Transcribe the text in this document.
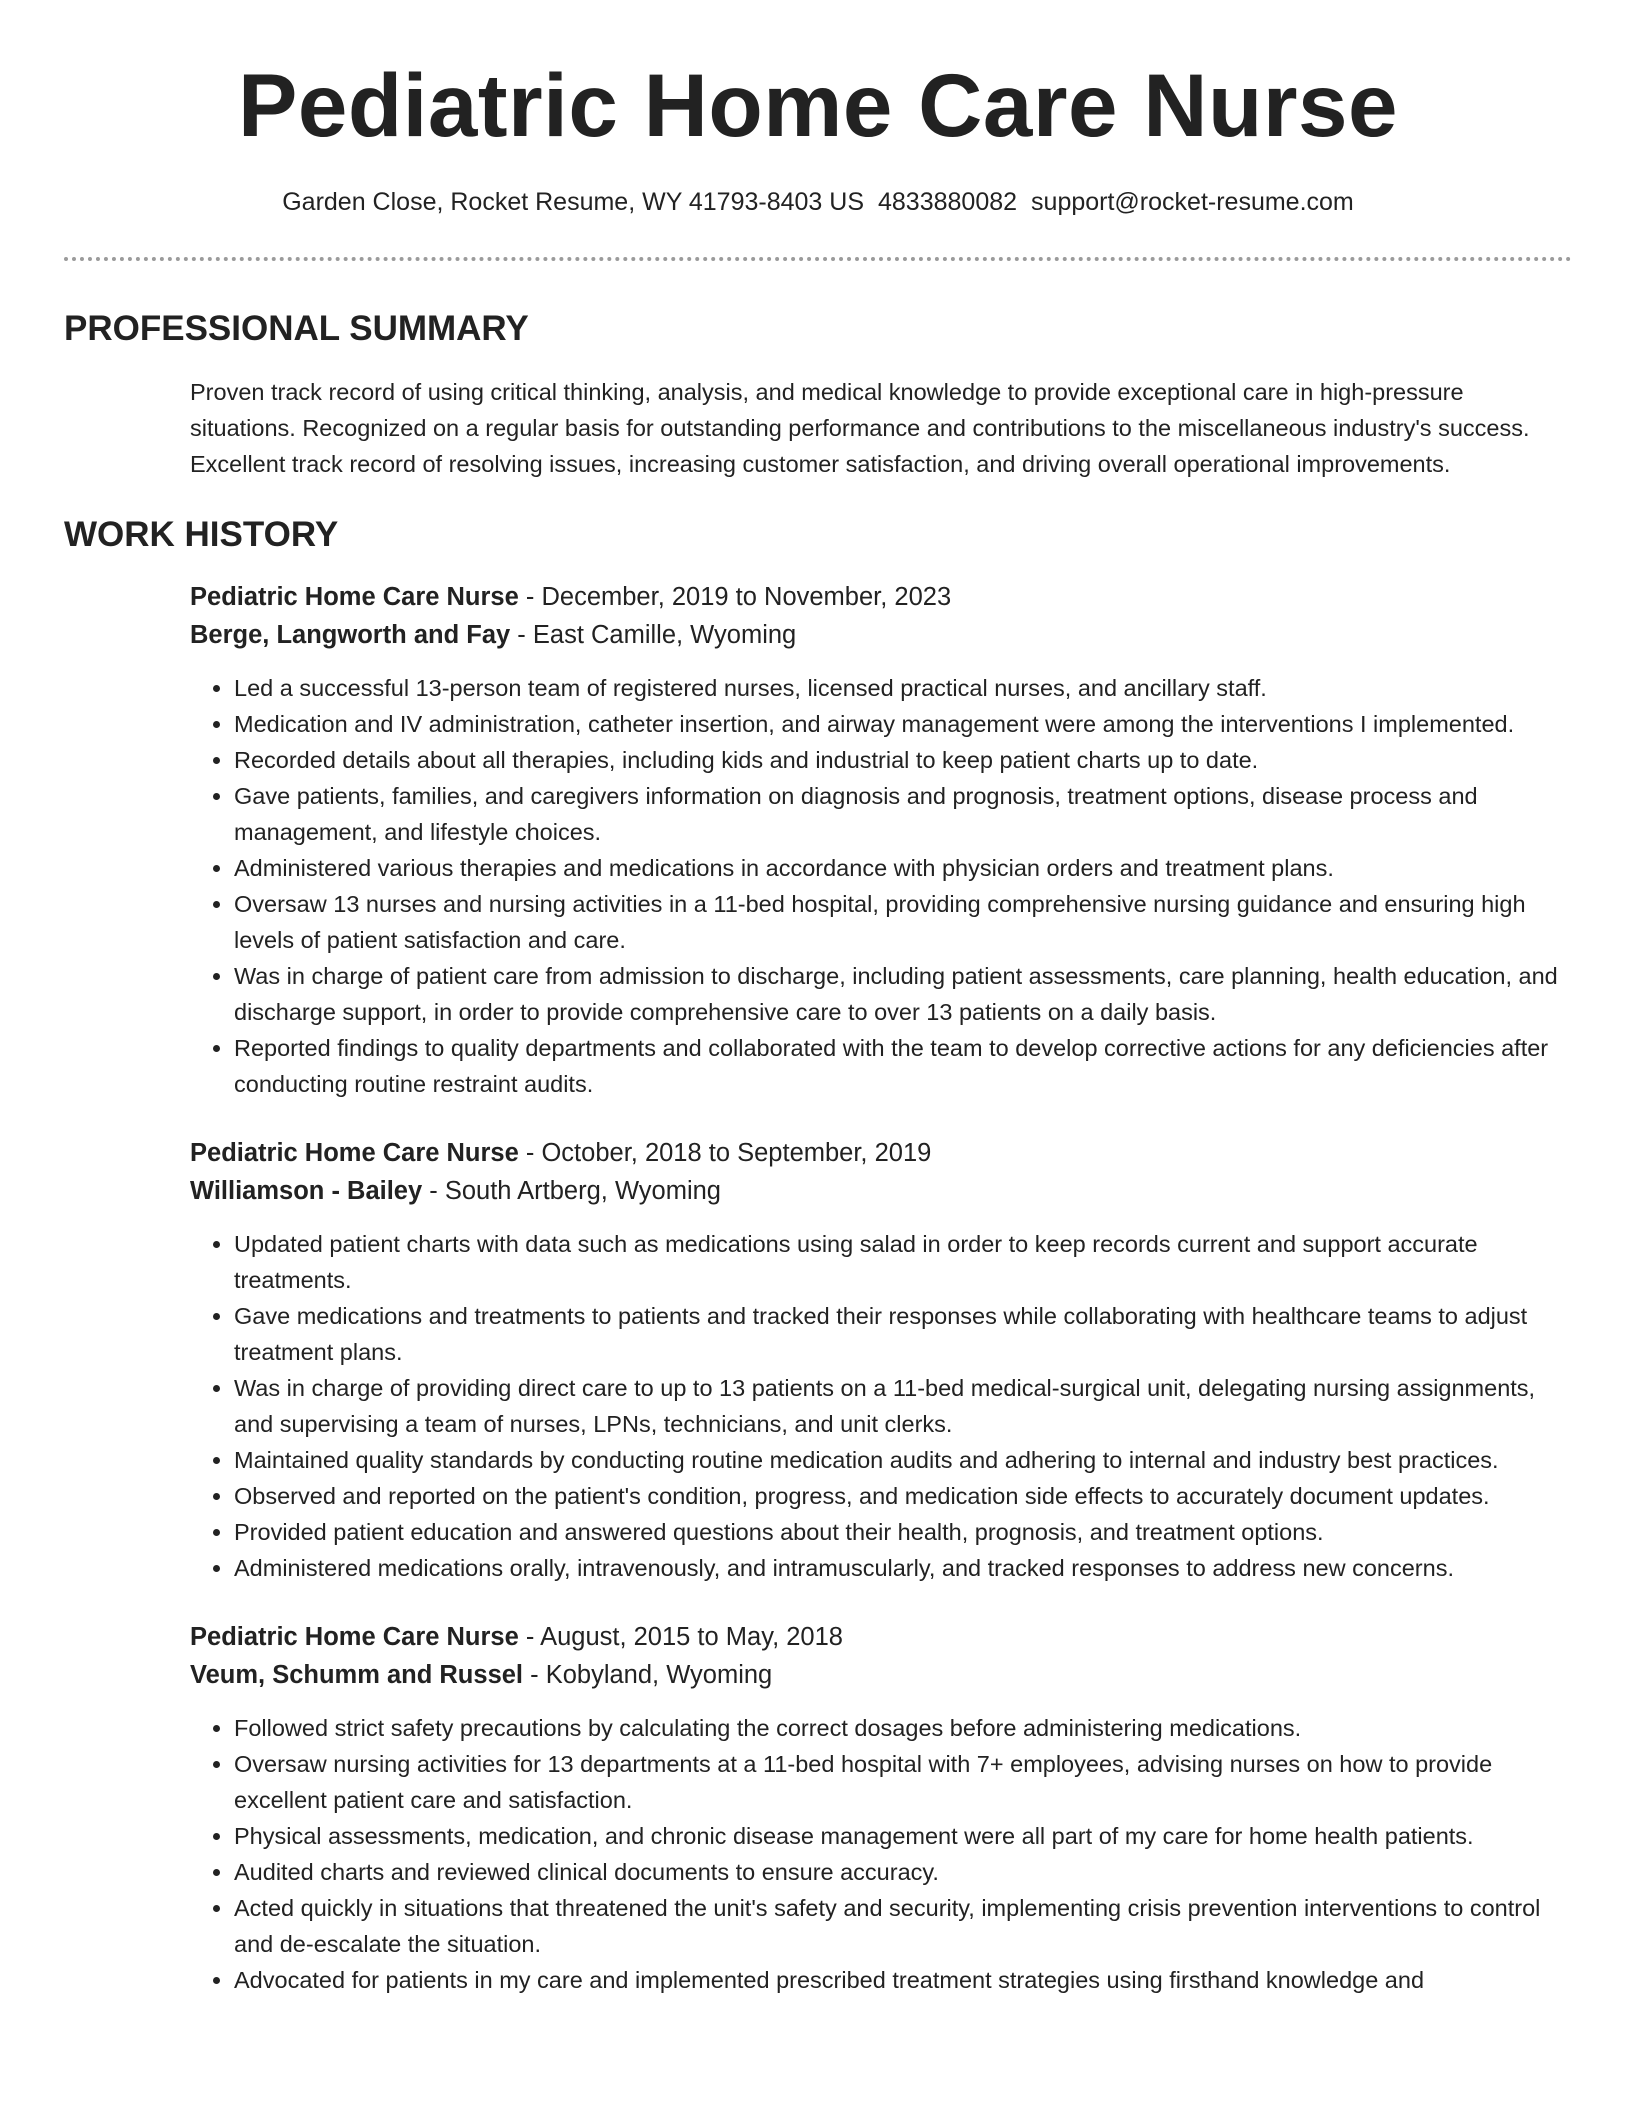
Pediatric Home Care Nurse
Garden Close, Rocket Resume, WY 41793-8403 US 4833880082 support@rocket-resume.com
PROFESSIONAL SUMMARY
Proven track record of using critical thinking, analysis, and medical knowledge to provide exceptional care in high-pressure situations. Recognized on a regular basis for outstanding performance and contributions to the miscellaneous industry's success. Excellent track record of resolving issues, increasing customer satisfaction, and driving overall operational improvements.
WORK HISTORY
Pediatric Home Care Nurse - December, 2019 to November, 2023
Berge, Langworth and Fay - East Camille, Wyoming
• Led a successful 13-person team of registered nurses, licensed practical nurses, and ancillary staff.
• Medication and IV administration, catheter insertion, and airway management were among the interventions I implemented.
• Recorded details about all therapies, including kids and industrial to keep patient charts up to date.
• Gave patients, families, and caregivers information on diagnosis and prognosis, treatment options, disease process and management, and lifestyle choices.
• Administered various therapies and medications in accordance with physician orders and treatment plans.
• Oversaw 13 nurses and nursing activities in a 11-bed hospital, providing comprehensive nursing guidance and ensuring high levels of patient satisfaction and care.
• Was in charge of patient care from admission to discharge, including patient assessments, care planning, health education, and discharge support, in order to provide comprehensive care to over 13 patients on a daily basis.
• Reported findings to quality departments and collaborated with the team to develop corrective actions for any deficiencies after conducting routine restraint audits.
Pediatric Home Care Nurse - October, 2018 to September, 2019
Williamson - Bailey - South Artberg, Wyoming
• Updated patient charts with data such as medications using salad in order to keep records current and support accurate treatments.
• Gave medications and treatments to patients and tracked their responses while collaborating with healthcare teams to adjust treatment plans.
• Was in charge of providing direct care to up to 13 patients on a 11-bed medical-surgical unit, delegating nursing assignments, and supervising a team of nurses, LPNs, technicians, and unit clerks.
• Maintained quality standards by conducting routine medication audits and adhering to internal and industry best practices.
• Observed and reported on the patient's condition, progress, and medication side effects to accurately document updates.
• Provided patient education and answered questions about their health, prognosis, and treatment options.
• Administered medications orally, intravenously, and intramuscularly, and tracked responses to address new concerns.
Pediatric Home Care Nurse - August, 2015 to May, 2018
Veum, Schumm and Russel - Kobyland, Wyoming
• Followed strict safety precautions by calculating the correct dosages before administering medications.
• Oversaw nursing activities for 13 departments at a 11-bed hospital with 7+ employees, advising nurses on how to provide excellent patient care and satisfaction.
• Physical assessments, medication, and chronic disease management were all part of my care for home health patients.
• Audited charts and reviewed clinical documents to ensure accuracy.
• Acted quickly in situations that threatened the unit's safety and security, implementing crisis prevention interventions to control and de-escalate the situation.
• Advocated for patients in my care and implemented prescribed treatment strategies using firsthand knowledge and
